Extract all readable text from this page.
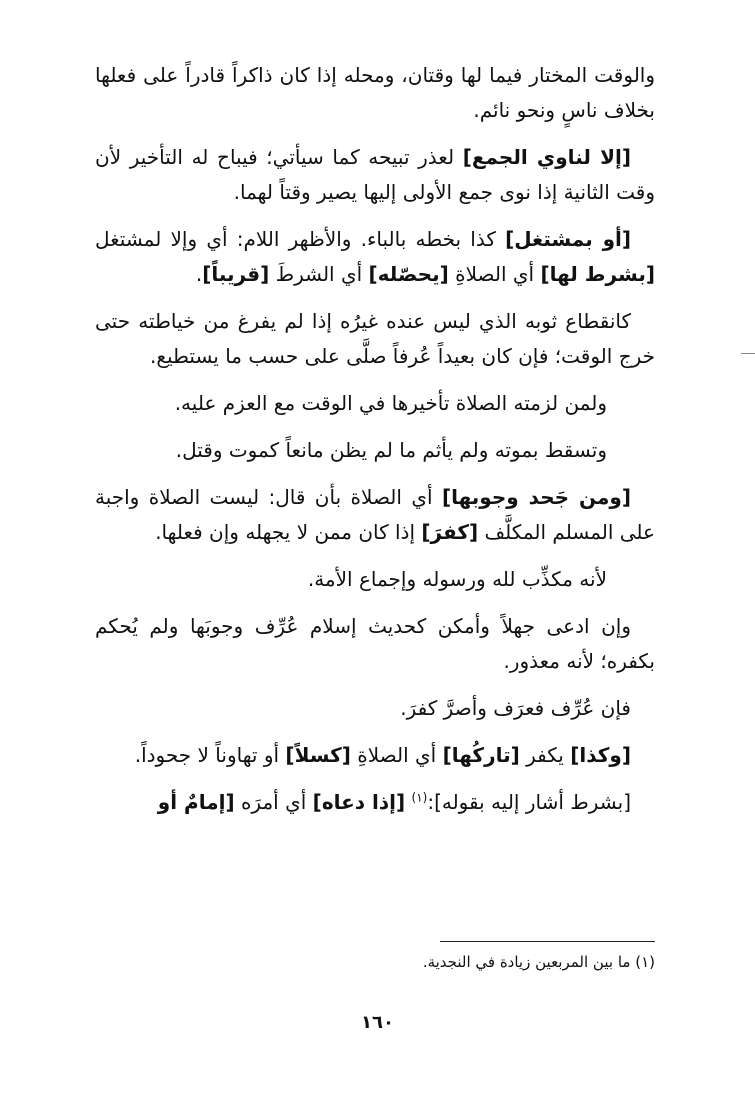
والوقت المختار فيما لها وقتان، ومحله إذا كان ذاكراً قادراً على فعلها بخلاف ناسٍ ونحو نائم.

[إلا لناوي الجمع] لعذر تبيحه كما سيأتي؛ فيباح له التأخير لأن وقت الثانية إذا نوى جمع الأولى إليها يصير وقتاً لهما.

[أو بمشتغل] كذا بخطه بالباء. والأظهر اللام: أي وإلا لمشتغل [بشرط لها] أي الصلاةِ [يحصّله] أي الشرطَ [قريباً].

كانقطاع ثوبه الذي ليس عنده غيرُه إذا لم يفرغ من خياطته حتى خرج الوقت؛ فإن كان بعيداً عُرفاً صلَّى على حسب ما يستطيع.

ولمن لزمته الصلاة تأخيرها في الوقت مع العزم عليه.

وتسقط بموته ولم يأثم ما لم يظن مانعاً كموت وقتل.

[ومن جَحد وجوبها] أي الصلاة بأن قال: ليست الصلاة واجبة على المسلم المكلَّف [كفرَ] إذا كان ممن لا يجهله وإن فعلها.

لأنه مكذِّب لله ورسوله وإجماع الأمة.

وإن ادعى جهلاً وأمكن كحديث إسلام عُرِّف وجوبَها ولم يُحكم بكفره؛ لأنه معذور.

فإن عُرِّف فعرَف وأصرَّ كفرَ.

[وكذا] يكفر [تاركُها] أي الصلاةِ [كسلاً] أو تهاوناً لا جحوداً.

[بشرط أشار إليه بقوله]:$^{(١)}$ [إذا دعاه] أي أمرَه [إمامٌ أو

(١) ما بين المربعين زيادة في النجدية.
١٦٠
